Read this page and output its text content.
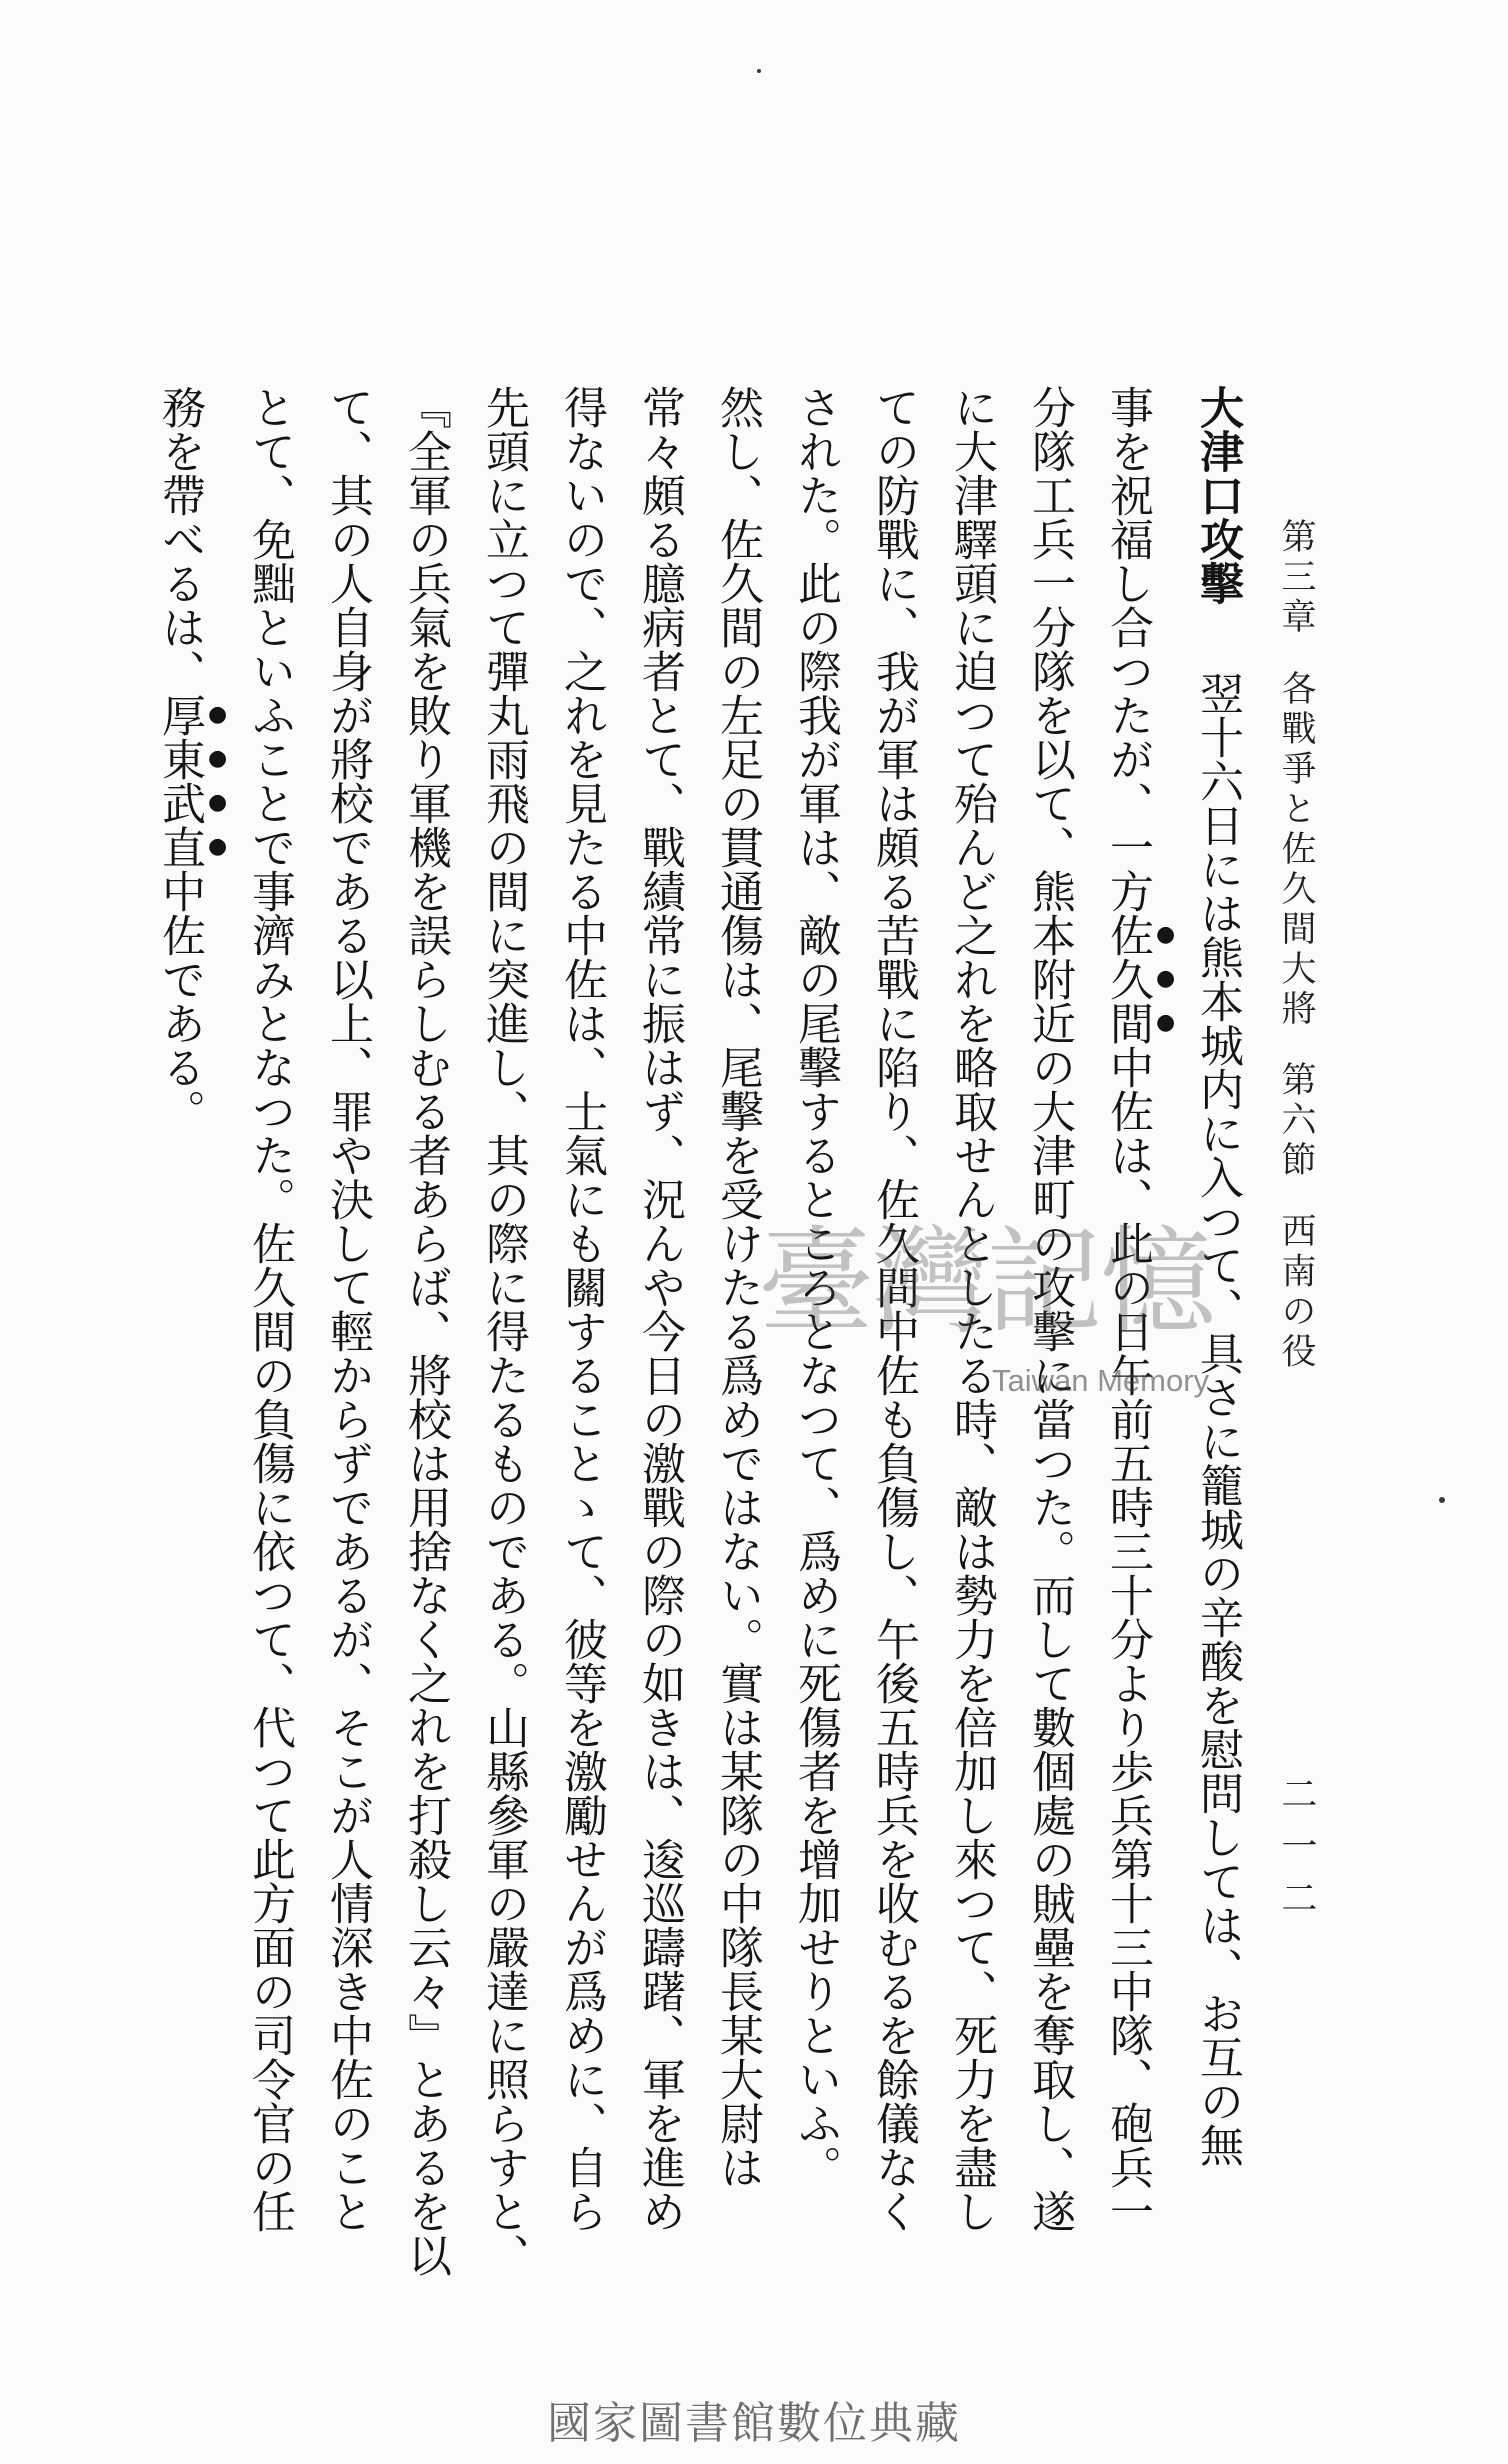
第三章各戰爭と佐久間大將第六節西南の役
二一二

大津口攻擊翌十六日には熊本城内に入つて、具さに籠城の辛酸を慰問しては、お互の無

事を祝福し合つたが、一方佐久間中佐は、此の日午前五時三十分より歩兵第十三中隊、砲兵一

分隊工兵一分隊を以て、熊本附近の大津町の攻擊に當つた。而して數個處の賊壘を奪取し、遂

に大津驛頭に迫つて殆んど之れを略取せんとしたる時、敵は勢力を倍加し來つて、死力を盡し

ての防戰に、我が軍は頗る苦戰に陷り、佐久間中佐も負傷し、午後五時兵を收むるを餘儀なく

された。此の際我が軍は、敵の尾擊するところとなつて、爲めに死傷者を增加せりといふ。

然し、佐久間の左足の貫通傷は、尾擊を受けたる爲めではない。實は某隊の中隊長某大尉は

常々頗る臆病者とて、戰績常に振はず、況んや今日の激戰の際の如きは、逡巡躊躇、軍を進め

得ないので、之れを見たる中佐は、士氣にも關することゝて、彼等を激勵せんが爲めに、自ら

先頭に立つて彈丸雨飛の間に突進し、其の際に得たるものである。山縣參軍の嚴達に照らすと、

『全軍の兵氣を敗り軍機を誤らしむる者あらば、將校は用捨なく之れを打殺し云々』とあるを以

て、其の人自身が將校である以上、罪や決して輕からずであるが、そこが人情深き中佐のこと

とて、免黜といふことで事濟みとなつた。佐久間の負傷に依つて、代つて此方面の司令官の任

務を帶べるは、厚東武直中佐である。

臺灣記憶
Taiwan Memory
國家圖書館數位典藏
